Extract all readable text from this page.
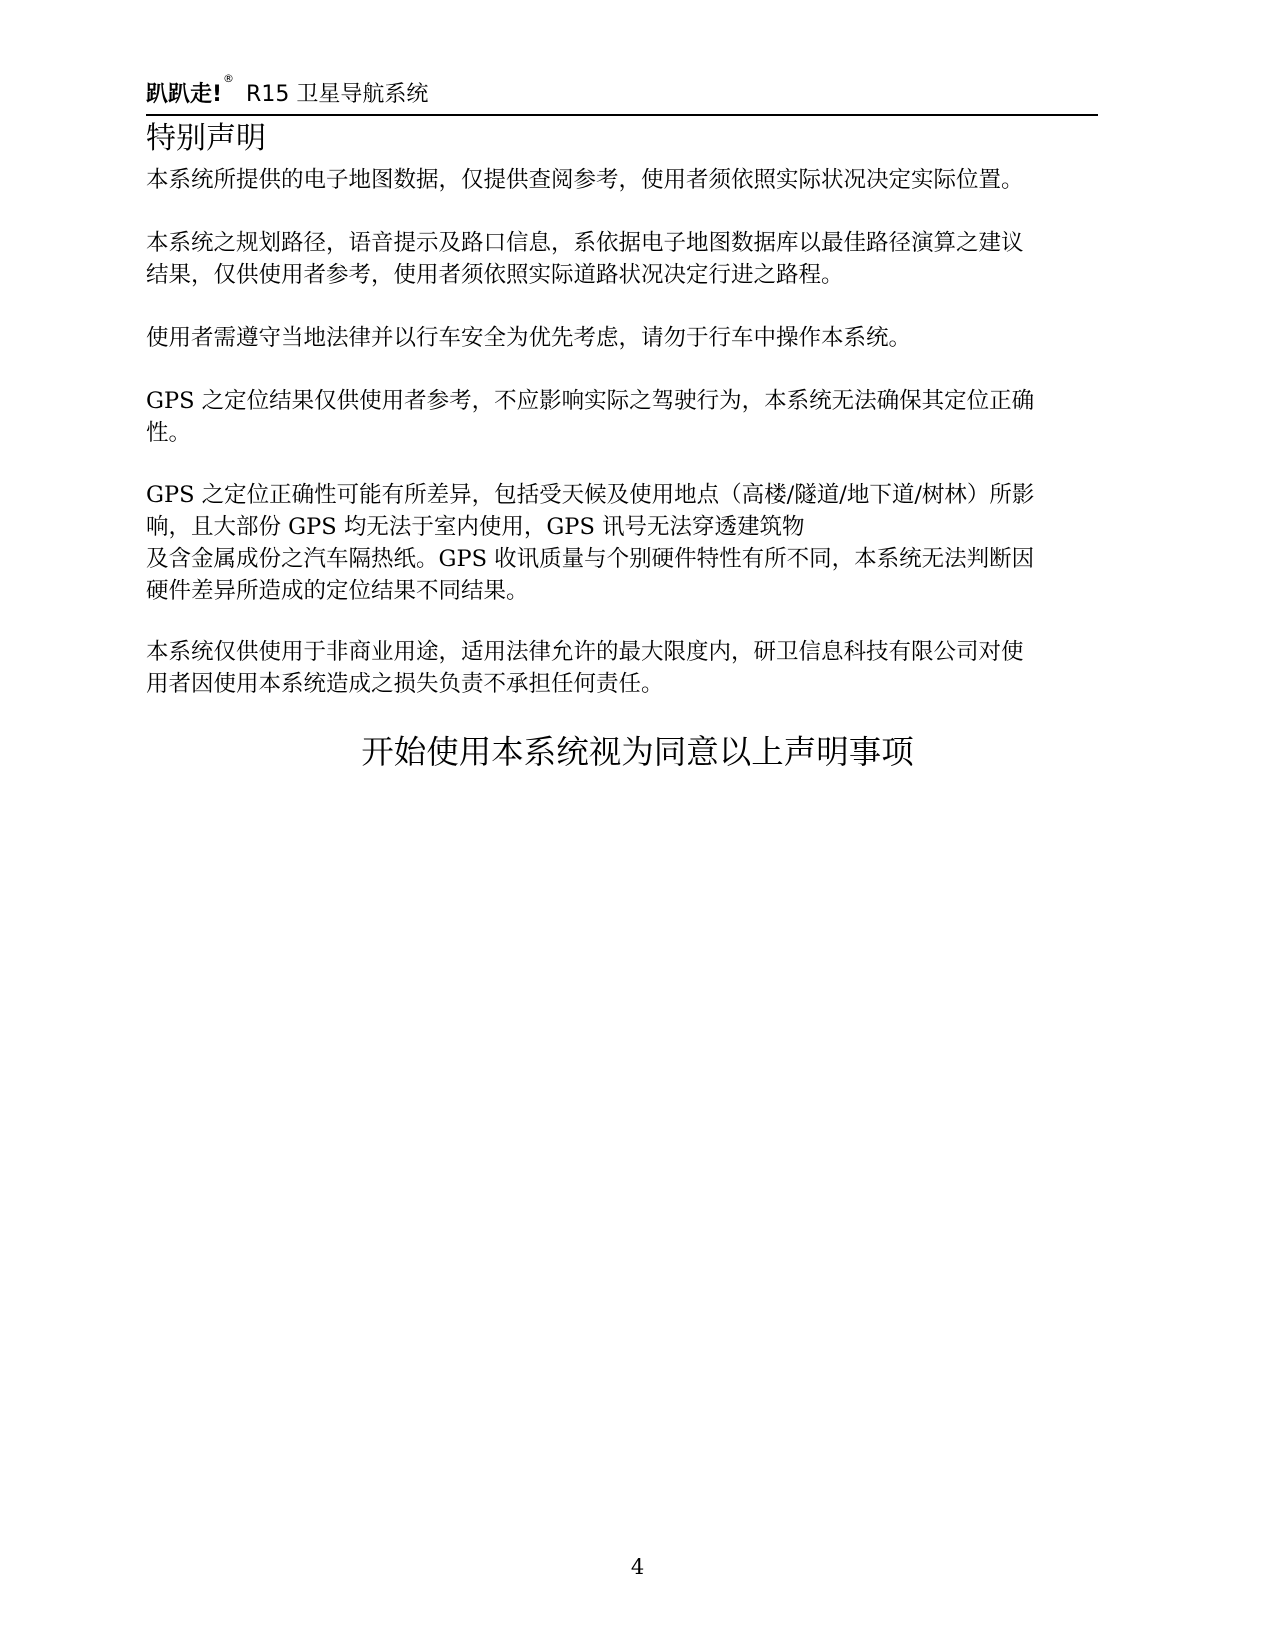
趴趴走!®R15 卫星导航系统
特别声明

本系统所提供的电子地图数据，仅提供查阅参考，使用者须依照实际状况决定实际位置。

本系统之规划路径，语音提示及路口信息，系依据电子地图数据库以最佳路径演算之建议
结果，仅供使用者参考，使用者须依照实际道路状况决定行进之路程。

使用者需遵守当地法律并以行车安全为优先考虑，请勿于行车中操作本系统。

GPS 之定位结果仅供使用者参考，不应影响实际之驾驶行为，本系统无法确保其定位正确
性。

GPS 之定位正确性可能有所差异，包括受天候及使用地点（高楼/隧道/地下道/树林）所影
响，且大部份 GPS 均无法于室内使用，GPS 讯号无法穿透建筑物
及含金属成份之汽车隔热纸。GPS 收讯质量与个别硬件特性有所不同，本系统无法判断因
硬件差异所造成的定位结果不同结果。

本系统仅供使用于非商业用途，适用法律允许的最大限度内，研卫信息科技有限公司对使
用者因使用本系统造成之损失负责不承担任何责任。

开始使用本系统视为同意以上声明事项
4
